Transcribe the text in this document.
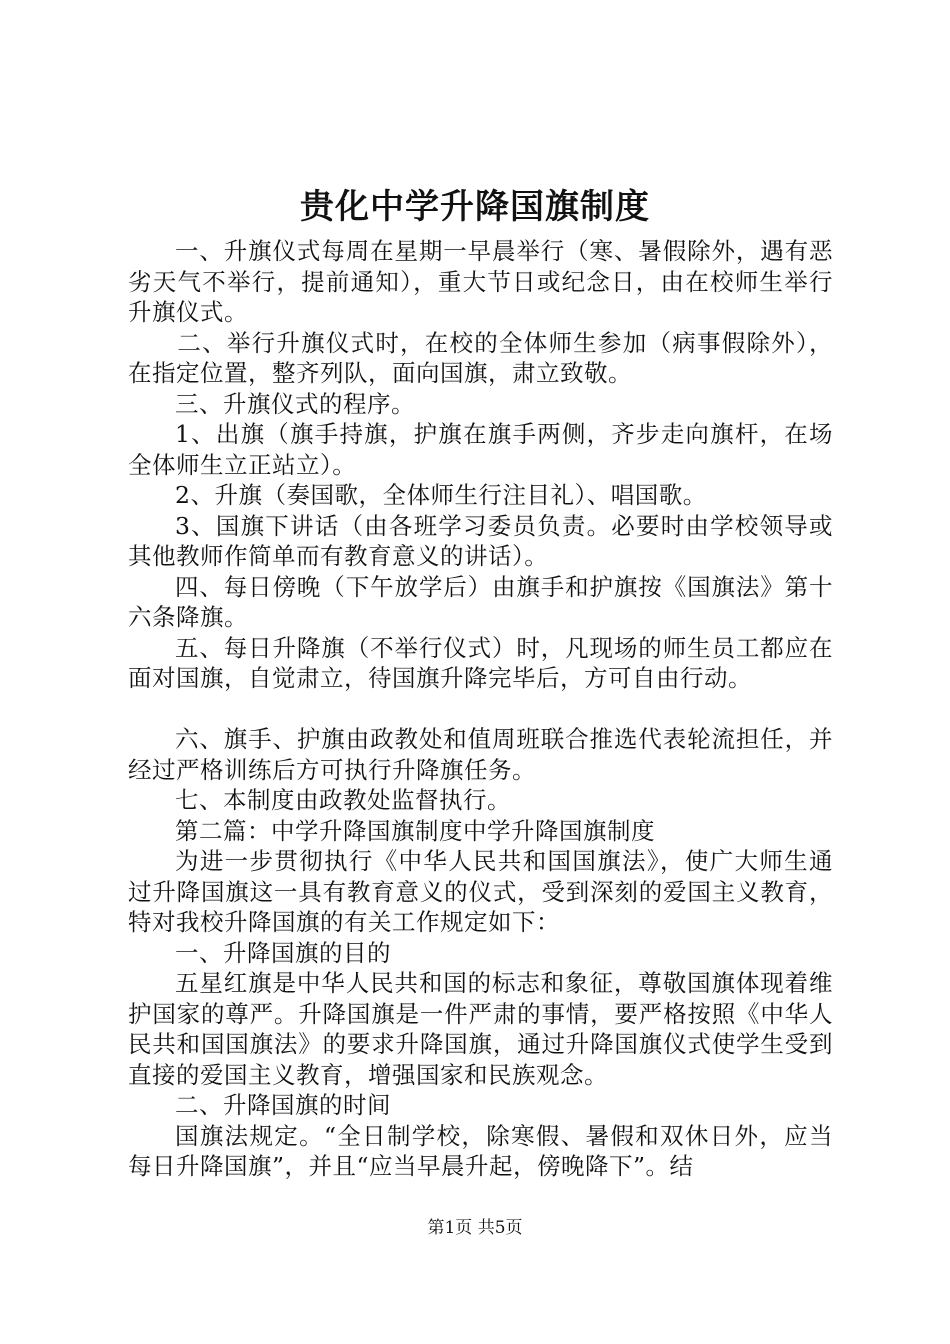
贵化中学升降国旗制度

一、升旗仪式每周在星期一早晨举行（寒、暑假除外，遇有恶劣天气不举行，提前通知），重大节日或纪念日，由在校师生举行升旗仪式。

二、举行升旗仪式时，在校的全体师生参加（病事假除外），在指定位置，整齐列队，面向国旗，肃立致敬。

三、升旗仪式的程序。

1、出旗（旗手持旗，护旗在旗手两侧，齐步走向旗杆，在场全体师生立正站立）。

2、升旗（奏国歌，全体师生行注目礼）、唱国歌。

3、国旗下讲话（由各班学习委员负责。必要时由学校领导或其他教师作简单而有教育意义的讲话）。

四、每日傍晚（下午放学后）由旗手和护旗按《国旗法》第十六条降旗。

五、每日升降旗（不举行仪式）时，凡现场的师生员工都应在面对国旗，自觉肃立，待国旗升降完毕后，方可自由行动。

六、旗手、护旗由政教处和值周班联合推选代表轮流担任，并经过严格训练后方可执行升降旗任务。

七、本制度由政教处监督执行。

第二篇：中学升降国旗制度中学升降国旗制度

为进一步贯彻执行《中华人民共和国国旗法》，使广大师生通过升降国旗这一具有教育意义的仪式，受到深刻的爱国主义教育，特对我校升降国旗的有关工作规定如下：

一、升降国旗的目的

五星红旗是中华人民共和国的标志和象征，尊敬国旗体现着维护国家的尊严。升降国旗是一件严肃的事情，要严格按照《中华人民共和国国旗法》的要求升降国旗，通过升降国旗仪式使学生受到直接的爱国主义教育，增强国家和民族观念。

二、升降国旗的时间

国旗法规定。“全日制学校，除寒假、暑假和双休日外，应当每日升降国旗”，并且“应当早晨升起，傍晚降下”。结

第1页 共5页
